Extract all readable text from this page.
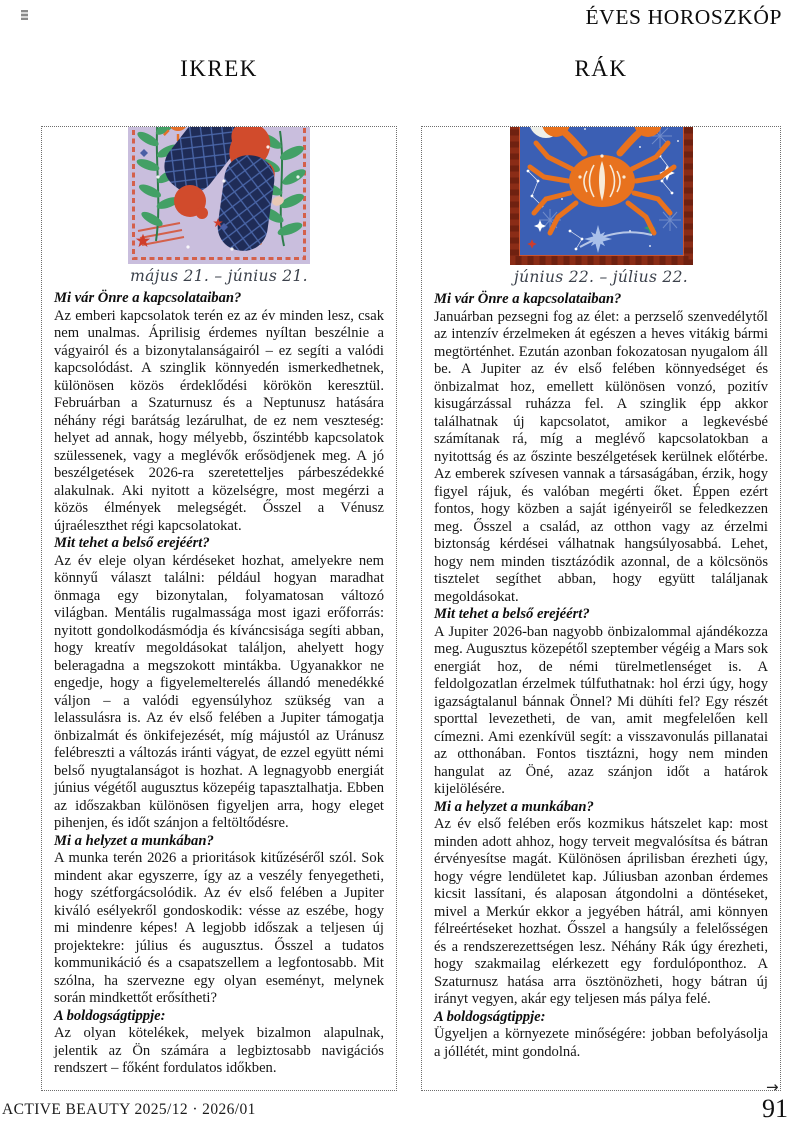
ÉVES HOROSZKÓP
IKREK
május 21. – június 21.
Mi vár Önre a kapcsolataiban?

Az emberi kapcsolatok terén ez az év minden lesz, csak nem unalmas. Áprilisig érdemes nyíltan beszélnie a vágyairól és a bizonytalanságairól – ez segíti a valódi kapcsolódást. A szinglik könnyedén ismerkedhetnek, különösen közös érdeklődési körökön keresztül. Februárban a Szaturnusz és a Neptunusz hatására néhány régi barátság lezárulhat, de ez nem veszteség: helyet ad annak, hogy mélyebb, őszintébb kapcsolatok szülessenek, vagy a meglévők erősödjenek meg. A jó beszélgetések 2026-ra szeretetteljes párbeszédekké alakulnak. Aki nyitott a közelségre, most megérzi a közös élmények melegségét. Ősszel a Vénusz újraéleszthet régi kapcsolatokat.

Mit tehet a belső erejéért?

Az év eleje olyan kérdéseket hozhat, amelyekre nem könnyű választ találni: például hogyan maradhat önmaga egy bizonytalan, folyamatosan változó világban. Mentális rugalmassága most igazi erőforrás: nyitott gondolkodásmódja és kíváncsisága segíti abban, hogy kreatív megoldásokat találjon, ahelyett hogy beleragadna a megszokott mintákba. Ugyanakkor ne engedje, hogy a figyelemelterelés állandó menedékké váljon – a valódi egyensúlyhoz szükség van a lelassulásra is. Az év első felében a Jupiter támogatja önbizalmát és önkifejezését, míg májustól az Uránusz felébreszti a változás iránti vágyat, de ezzel együtt némi belső nyugtalanságot is hozhat. A legnagyobb energiát június végétől augusztus közepéig tapasztalhatja. Ebben az időszakban különösen figyeljen arra, hogy eleget pihenjen, és időt szánjon a feltöltődésre.

Mi a helyzet a munkában?

A munka terén 2026 a prioritások kitűzéséről szól. Sok mindent akar egyszerre, így az a veszély fenyegetheti, hogy szétforgácsolódik. Az év első felében a Jupiter kiváló esélyekről gondoskodik: vésse az eszébe, hogy mi mindenre képes! A legjobb időszak a teljesen új projektekre: július és augusztus. Ősszel a tudatos kommunikáció és a csapatszellem a legfontosabb. Mit szólna, ha szervezne egy olyan eseményt, melynek során mindkettőt erősítheti?

A boldogságtippje:

Az olyan kötelékek, melyek bizalmon alapulnak, jelentik az Ön számára a legbiztosabb navigációs rendszert – főként fordulatos időkben.

RÁK
június 22. – július 22.
Mi vár Önre a kapcsolataiban?

Januárban pezsegni fog az élet: a perzselő szenvedélytől az intenzív érzelmeken át egészen a heves vitákig bármi megtörténhet. Ezután azonban fokozatosan nyugalom áll be. A Jupiter az év első felében könnyedséget és önbizalmat hoz, emellett különösen vonzó, pozitív kisugárzással ruházza fel. A szinglik épp akkor találhatnak új kapcsolatot, amikor a legkevésbé számítanak rá, míg a meglévő kapcsolatokban a nyitottság és az őszinte beszélgetések kerülnek előtérbe. Az emberek szívesen vannak a társaságában, érzik, hogy figyel rájuk, és valóban megérti őket. Éppen ezért fontos, hogy közben a saját igényeiről se feledkezzen meg. Ősszel a család, az otthon vagy az érzelmi biztonság kérdései válhatnak hangsúlyosabbá. Lehet, hogy nem minden tisztázódik azonnal, de a kölcsönös tisztelet segíthet abban, hogy együtt találjanak megoldásokat.

Mit tehet a belső erejéért?

A Jupiter 2026-ban nagyobb önbizalommal ajándékozza meg. Augusztus közepétől szeptember végéig a Mars sok energiát hoz, de némi türelmetlenséget is. A feldolgozatlan érzelmek túlfuthatnak: hol érzi úgy, hogy igazságtalanul bánnak Önnel? Mi dühíti fel? Egy részét sporttal levezetheti, de van, amit megfelelően kell címezni. Ami ezenkívül segít: a visszavonulás pillanatai az otthonában. Fontos tisztázni, hogy nem minden hangulat az Öné, azaz szánjon időt a határok kijelölésére.

Mi a helyzet a munkában?

Az év első felében erős kozmikus hátszelet kap: most minden adott ahhoz, hogy terveit megvalósítsa és bátran érvényesítse magát. Különösen áprilisban érezheti úgy, hogy végre lendületet kap. Júliusban azonban érdemes kicsit lassítani, és alaposan átgondolni a döntéseket, mivel a Merkúr ekkor a jegyében hátrál, ami könnyen félreértéseket hozhat. Ősszel a hangsúly a felelősségen és a rendszerezettségen lesz. Néhány Rák úgy érezheti, hogy szakmailag elérkezett egy fordulóponthoz. A Szaturnusz hatása arra ösztönözheti, hogy bátran új irányt vegyen, akár egy teljesen más pálya felé.

A boldogságtippje:

Ügyeljen a környezete minőségére: jobban befolyásolja a jóllétét, mint gondolná.

→
ACTIVE BEAUTY 2025/12 · 2026/01	91
